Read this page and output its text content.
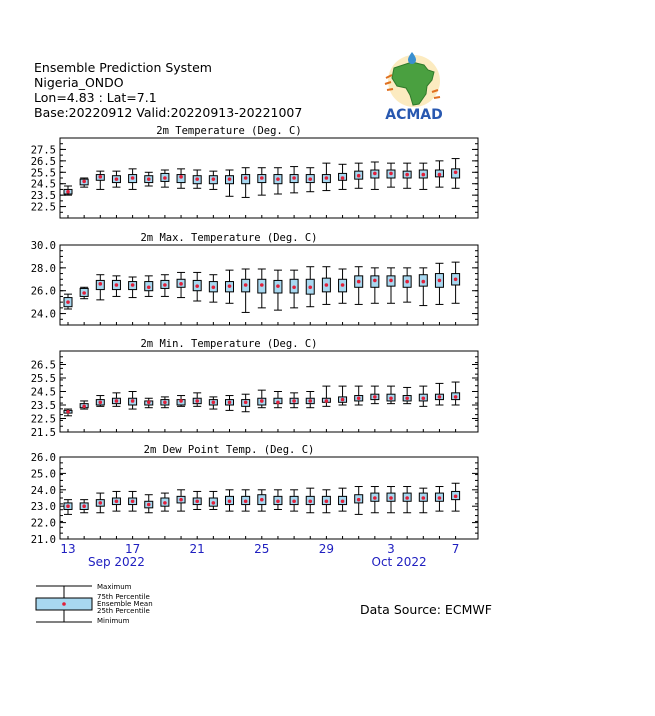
Ensemble Prediction System
Nigeria_ONDO
Lon=4.83 : Lat=7.1
Base:20220912 Valid:20220913-20221007	ACMAD
2m Temperature (Deg. C)
22.5
23.5
24.5
25.5
26.5
27.5
2m Max. Temperature (Deg. C)
24.0
26.0
28.0
30.0
2m Min. Temperature (Deg. C)
21.5
22.5
23.5
24.5
25.5
26.5
2m Dew Point Temp. (Deg. C)
21.0
22.0
23.0
24.0
25.0
26.0
13	17	21	25	29	3	7
Sep 2022	Oct 2022
Maximum
75th Percentile
Ensemble Mean
25th Percentile
Minimum
Data Source: ECMWF
